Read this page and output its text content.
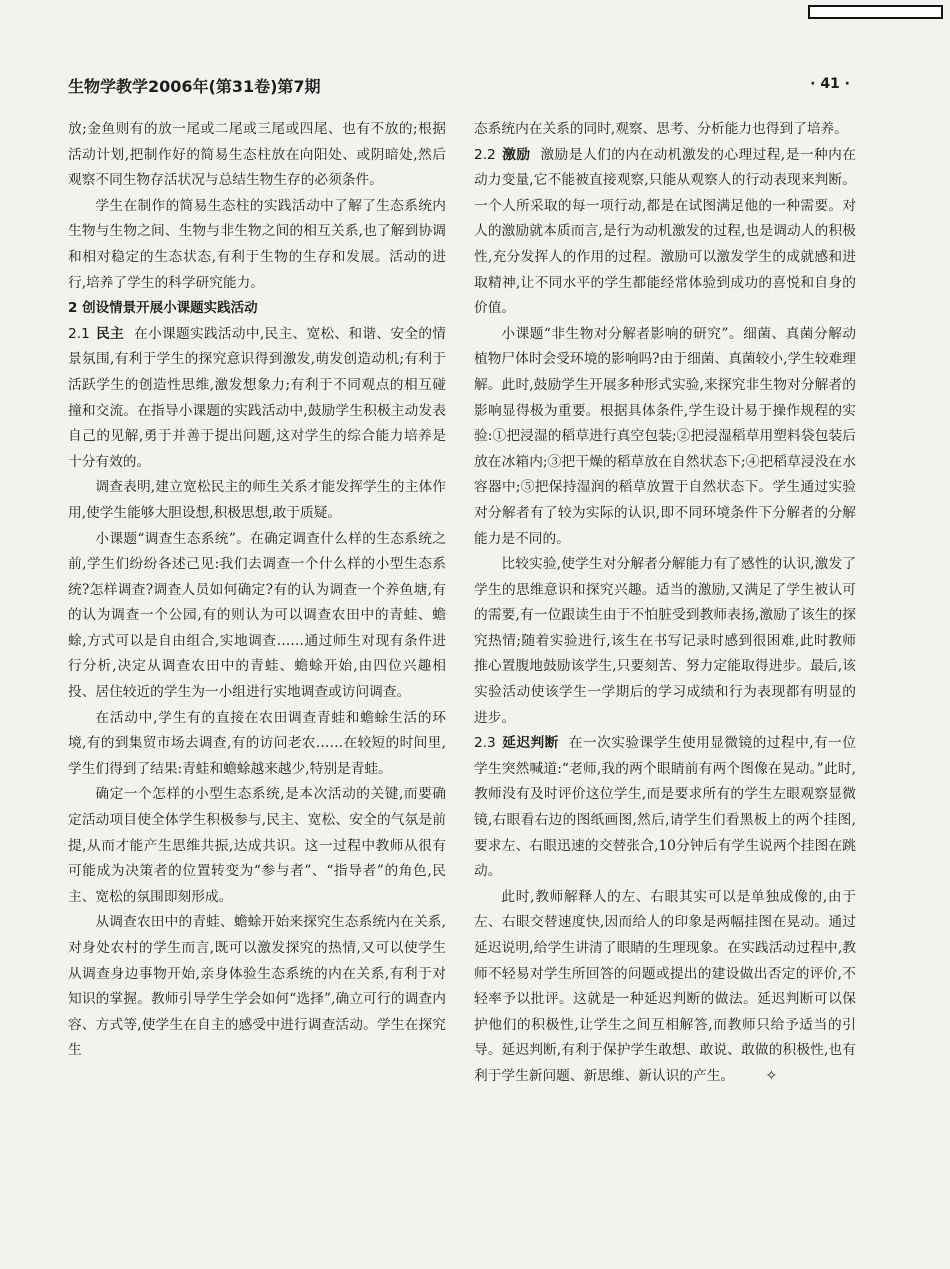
生物学教学2006年(第31卷)第7期	· 41 ·

放;金鱼则有的放一尾或二尾或三尾或四尾、也有不放的;根据活动计划,把制作好的简易生态柱放在向阳处、或阴暗处,然后观察不同生物存活状况与总结生物生存的必须条件。

学生在制作的简易生态柱的实践活动中了解了生态系统内生物与生物之间、生物与非生物之间的相互关系,也了解到协调和相对稳定的生态状态,有利于生物的生存和发展。活动的进行,培养了学生的科学研究能力。

2 创设情景开展小课题实践活动

2.1 民主 在小课题实践活动中,民主、宽松、和谐、安全的情景氛围,有利于学生的探究意识得到激发,萌发创造动机;有利于活跃学生的创造性思维,激发想象力;有利于不同观点的相互碰撞和交流。在指导小课题的实践活动中,鼓励学生积极主动发表自己的见解,勇于并善于提出问题,这对学生的综合能力培养是十分有效的。

调查表明,建立宽松民主的师生关系才能发挥学生的主体作用,使学生能够大胆设想,积极思想,敢于质疑。

小课题“调查生态系统”。在确定调查什么样的生态系统之前,学生们纷纷各述己见:我们去调查一个什么样的小型生态系统?怎样调查?调查人员如何确定?有的认为调查一个养鱼塘,有的认为调查一个公园,有的则认为可以调查农田中的青蛙、蟾蜍,方式可以是自由组合,实地调查……通过师生对现有条件进行分析,决定从调查农田中的青蛙、蟾蜍开始,由四位兴趣相投、居住较近的学生为一小组进行实地调查或访问调查。

在活动中,学生有的直接在农田调查青蛙和蟾蜍生活的环境,有的到集贸市场去调查,有的访问老农……在较短的时间里,学生们得到了结果:青蛙和蟾蜍越来越少,特别是青蛙。

确定一个怎样的小型生态系统,是本次活动的关键,而要确定活动项目使全体学生积极参与,民主、宽松、安全的气氛是前提,从而才能产生思维共振,达成共识。这一过程中教师从很有可能成为决策者的位置转变为“参与者”、“指导者”的角色,民主、宽松的氛围即刻形成。

从调查农田中的青蛙、蟾蜍开始来探究生态系统内在关系,对身处农村的学生而言,既可以激发探究的热情,又可以使学生从调查身边事物开始,亲身体验生态系统的内在关系,有利于对知识的掌握。教师引导学生学会如何“选择”,确立可行的调查内容、方式等,使学生在自主的感受中进行调查活动。学生在探究生

态系统内在关系的同时,观察、思考、分析能力也得到了培养。

2.2 激励 激励是人们的内在动机激发的心理过程,是一种内在动力变量,它不能被直接观察,只能从观察人的行动表现来判断。一个人所采取的每一项行动,都是在试图满足他的一种需要。对人的激励就本质而言,是行为动机激发的过程,也是调动人的积极性,充分发挥人的作用的过程。激励可以激发学生的成就感和进取精神,让不同水平的学生都能经常体验到成功的喜悦和自身的价值。

小课题“非生物对分解者影响的研究”。细菌、真菌分解动植物尸体时会受环境的影响吗?由于细菌、真菌较小,学生较难理解。此时,鼓励学生开展多种形式实验,来探究非生物对分解者的影响显得极为重要。根据具体条件,学生设计易于操作规程的实验:①把浸湿的稻草进行真空包装;②把浸湿稻草用塑料袋包装后放在冰箱内;③把干燥的稻草放在自然状态下;④把稻草浸没在水容器中;⑤把保持湿润的稻草放置于自然状态下。学生通过实验对分解者有了较为实际的认识,即不同环境条件下分解者的分解能力是不同的。

比较实验,使学生对分解者分解能力有了感性的认识,激发了学生的思维意识和探究兴趣。适当的激励,又满足了学生被认可的需要,有一位跟读生由于不怕脏受到教师表扬,激励了该生的探究热情;随着实验进行,该生在书写记录时感到很困难,此时教师推心置腹地鼓励该学生,只要刻苦、努力定能取得进步。最后,该实验活动使该学生一学期后的学习成绩和行为表现都有明显的进步。

2.3 延迟判断 在一次实验课学生使用显微镜的过程中,有一位学生突然喊道:“老师,我的两个眼睛前有两个图像在晃动。”此时,教师没有及时评价这位学生,而是要求所有的学生左眼观察显微镜,右眼看右边的图纸画图,然后,请学生们看黑板上的两个挂图,要求左、右眼迅速的交替张合,10分钟后有学生说两个挂图在跳动。

此时,教师解释人的左、右眼其实可以是单独成像的,由于左、右眼交替速度快,因而给人的印象是两幅挂图在晃动。通过延迟说明,给学生讲清了眼睛的生理现象。在实践活动过程中,教师不轻易对学生所回答的问题或提出的建设做出否定的评价,不轻率予以批评。这就是一种延迟判断的做法。延迟判断可以保护他们的积极性,让学生之间互相解答,而教师只给予适当的引导。延迟判断,有利于保护学生敢想、敢说、敢做的积极性,也有利于学生新问题、新思维、新认识的产生。 ✧
